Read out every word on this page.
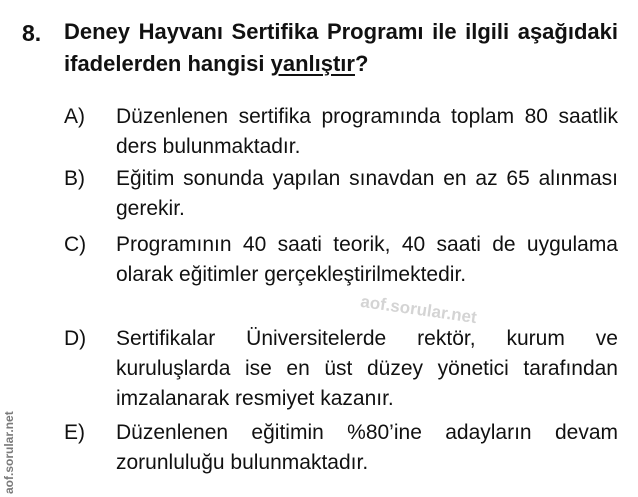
8. Deney Hayvanı Sertifika Programı ile ilgili aşağıdaki ifadelerden hangisi yanlıştır?
A) Düzenlenen sertifika programında toplam 80 saatlik ders bulunmaktadır.
B) Eğitim sonunda yapılan sınavdan en az 65 alınması gerekir.
C) Programının 40 saati teorik, 40 saati de uygulama olarak eğitimler gerçekleştirilmektedir.
D) Sertifikalar Üniversitelerde rektör, kurum ve kuruluşlarda ise en üst düzey yönetici tarafından imzalanarak resmiyet kazanır.
E) Düzenlenen eğitimin %80’ine adayların devam zorunluluğu bulunmaktadır.
aof.sorular.net
aof.sorular.net
